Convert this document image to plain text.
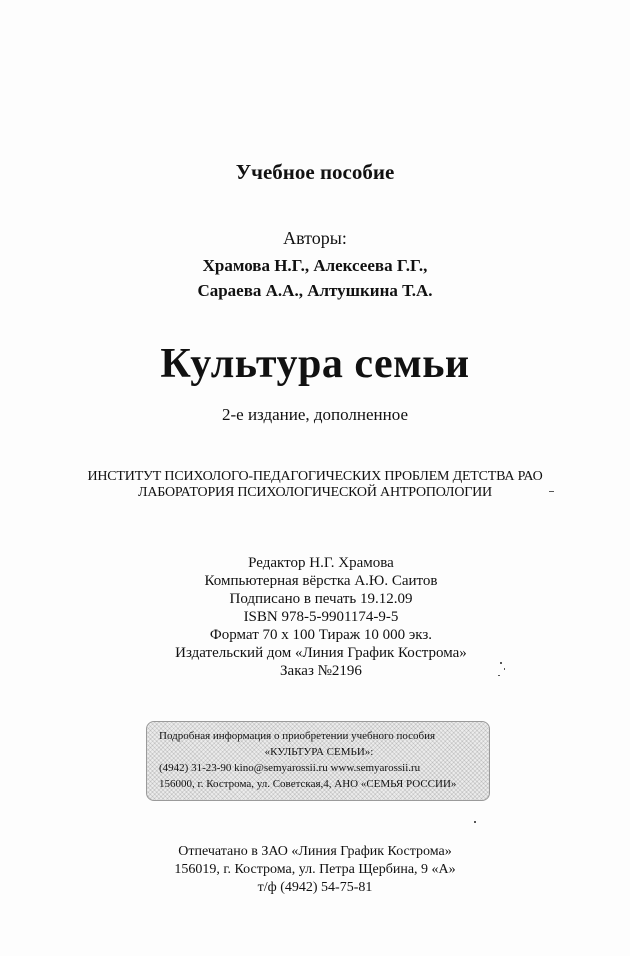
Учебное пособие
Авторы:
Храмова Н.Г., Алексеева Г.Г.,
Сараева А.А., Алтушкина Т.А.
Культура семьи
2-е издание, дополненное
ИНСТИТУТ ПСИХОЛОГО-ПЕДАГОГИЧЕСКИХ ПРОБЛЕМ ДЕТСТВА РАО
ЛАБОРАТОРИЯ ПСИХОЛОГИЧЕСКОЙ АНТРОПОЛОГИИ
Редактор Н.Г. Храмова
Компьютерная вёрстка А.Ю. Саитов
Подписано в печать 19.12.09
ISBN 978-5-9901174-9-5
Формат 70 х 100 Тираж 10 000 экз.
Издательский дом «Линия График Кострома»
Заказ №2196
Подробная информация о приобретении учебного пособия
«КУЛЬТУРА СЕМЬИ»:
(4942) 31-23-90 kino@semyarossii.ru www.semyarossii.ru
156000, г. Кострома, ул. Советская,4, АНО «СЕМЬЯ РОССИИ»
Отпечатано в ЗАО «Линия График Кострома»
156019, г. Кострома, ул. Петра Щербина, 9 «А»
т/ф (4942) 54-75-81
